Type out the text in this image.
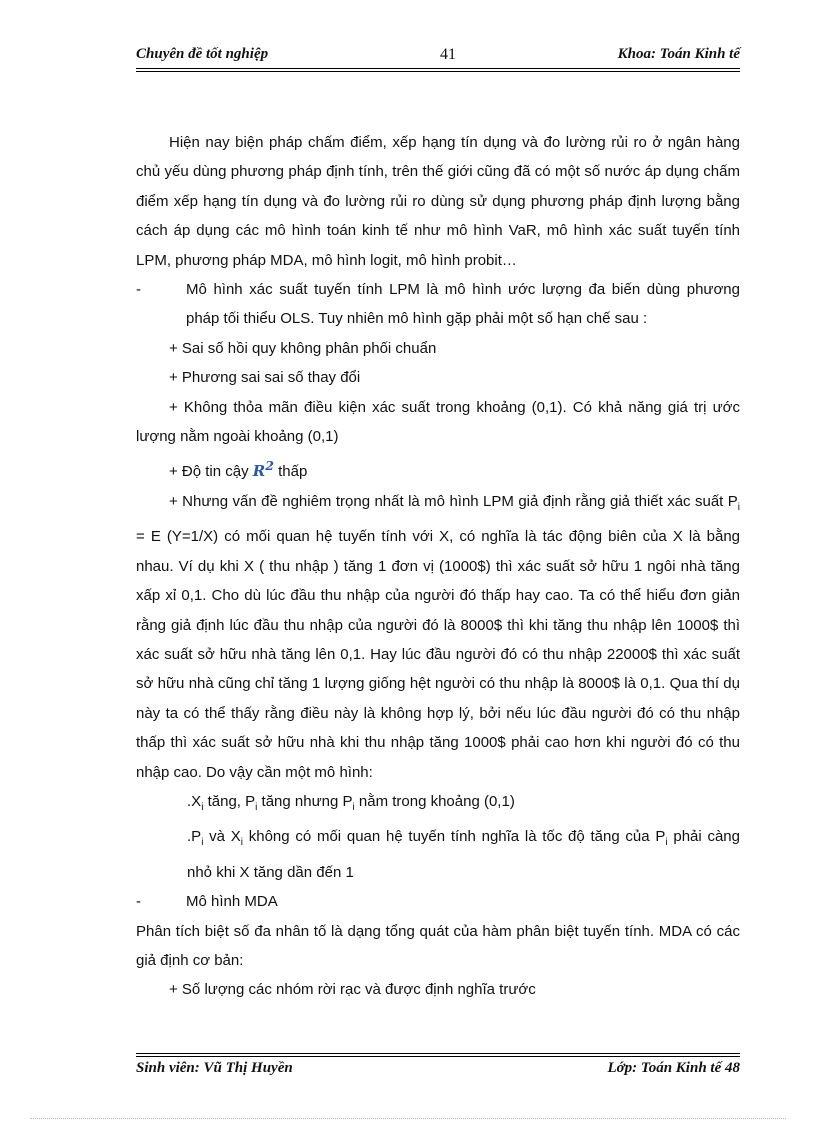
Chuyên đề tốt nghiệp	41	Khoa: Toán Kinh tế

Hiện nay biện pháp chấm điểm, xếp hạng tín dụng và đo lường rủi ro ở ngân hàng chủ yếu dùng phương pháp định tính, trên thế giới cũng đã có một số nước áp dụng chấm điểm xếp hạng tín dụng và đo lường rủi ro dùng sử dụng phương pháp định lượng bằng cách áp dụng các mô hình toán kinh tế như mô hình VaR, mô hình xác suất tuyến tính LPM, phương pháp MDA, mô hình logit, mô hình probit…

-	Mô hình xác suất tuyến tính LPM là mô hình ước lượng đa biến dùng phương pháp tối thiểu OLS. Tuy nhiên mô hình gặp phải một số hạn chế sau :

+ Sai số hồi quy không phân phối chuẩn

+ Phương sai sai số thay đổi

+ Không thỏa mãn điều kiện xác suất trong khoảng (0,1). Có khả năng giá trị ước lượng nằm ngoài khoảng (0,1)

+ Độ tin cậy $R^2$ thấp

+ Nhưng vấn đề nghiêm trọng nhất là mô hình LPM giả định rằng giả thiết xác suất $P_i = E$ (Y=1/X) có mối quan hệ tuyến tính với X, có nghĩa là tác động biên của X là bằng nhau. Ví dụ khi X ( thu nhập ) tăng 1 đơn vị (1000$) thì xác suất sở hữu 1 ngôi nhà tăng xấp xỉ 0,1. Cho dù lúc đầu thu nhập của người đó thấp hay cao. Ta có thể hiểu đơn giản rằng giả định lúc đầu thu nhập của người đó là 8000$ thì khi tăng thu nhập lên 1000$ thì xác suất sở hữu nhà tăng lên 0,1. Hay lúc đầu người đó có thu nhập 22000$ thì xác suất sở hữu nhà cũng chỉ tăng 1 lượng giống hệt người có thu nhập là 8000$ là 0,1. Qua thí dụ này ta có thể thấy rằng điều này là không hợp lý, bởi nếu lúc đầu người đó có thu nhập thấp thì xác suất sở hữu nhà khi thu nhập tăng 1000$ phải cao hơn khi người đó có thu nhập cao. Do vậy cần một mô hình:

$.X_i$ tăng, $P_i$ tăng nhưng $P_i$ nằm trong khoảng (0,1)

$.P_i$ và $X_i$ không có mối quan hệ tuyến tính nghĩa là tốc độ tăng của $P_i$ phải càng nhỏ khi X tăng dần đến 1

-	Mô hình MDA

Phân tích biệt số đa nhân tố là dạng tổng quát của hàm phân biệt tuyến tính. MDA có các giả định cơ bản:

+ Số lượng các nhóm rời rạc và được định nghĩa trước

Sinh viên: Vũ Thị Huyền	Lớp: Toán Kinh tế 48
